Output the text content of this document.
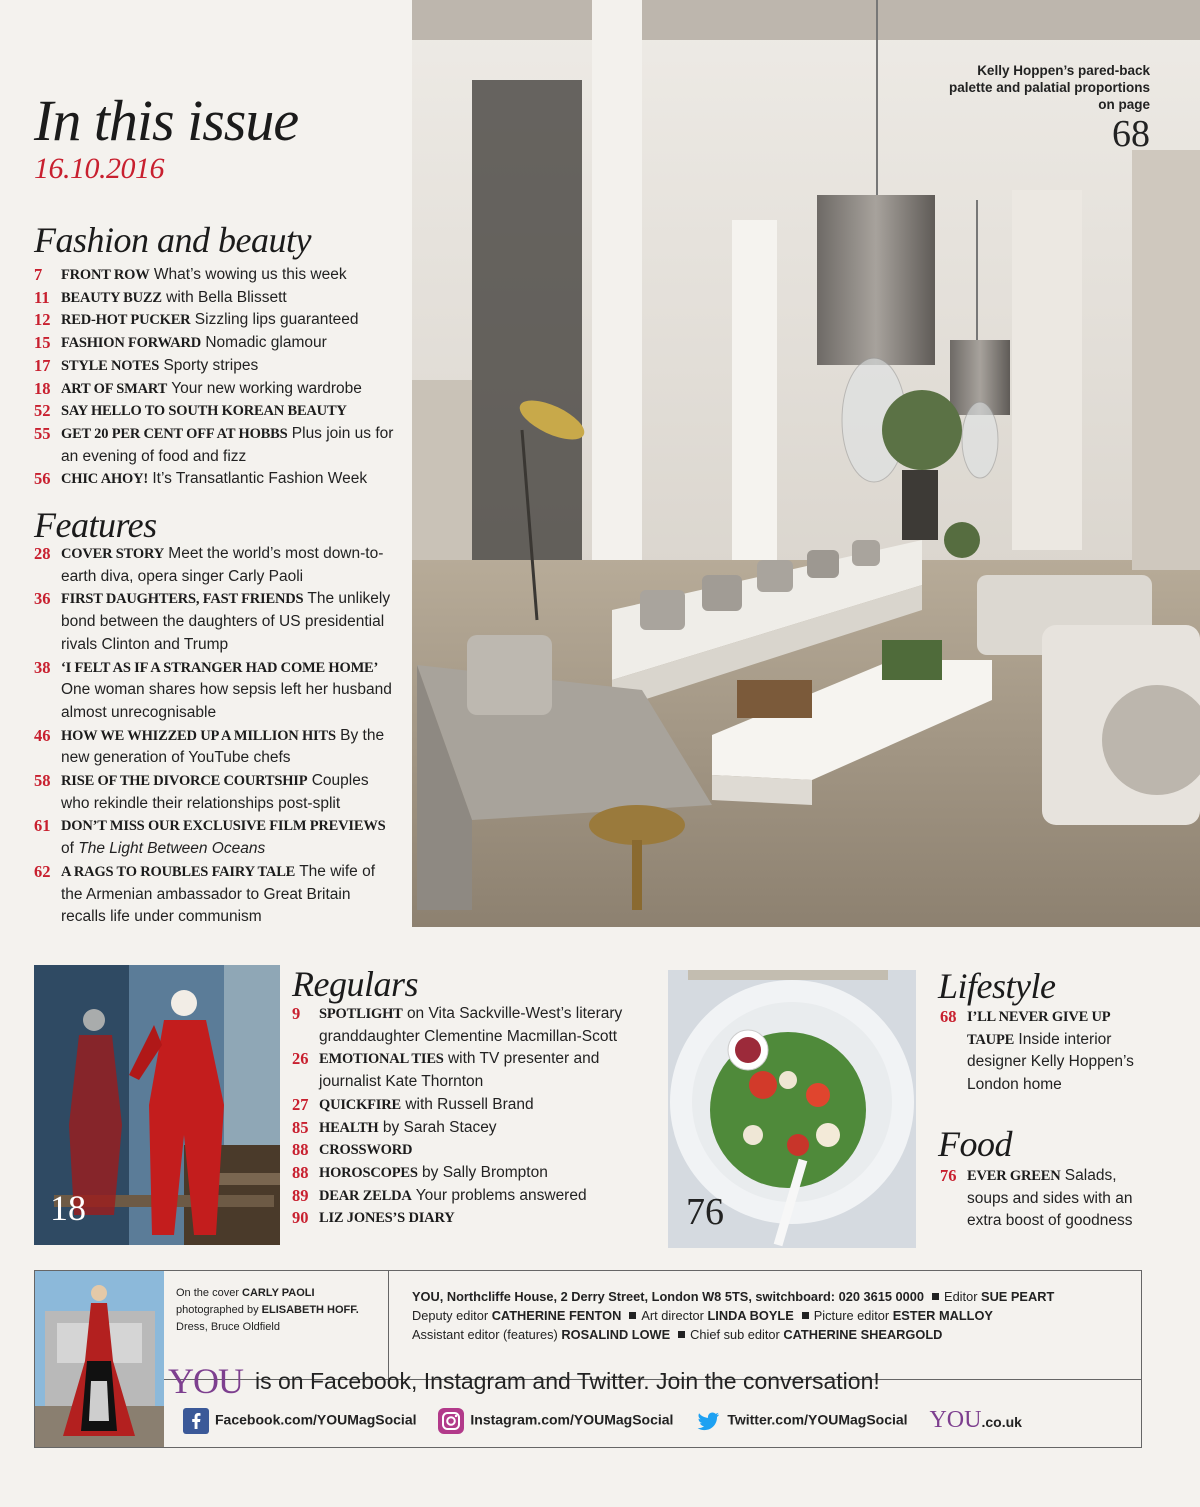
In this issue
16.10.2016
Fashion and beauty
7 FRONT ROW What’s wowing us this week
11 BEAUTY BUZZ with Bella Blissett
12 RED-HOT PUCKER Sizzling lips guaranteed
15 FASHION FORWARD Nomadic glamour
17 STYLE NOTES Sporty stripes
18 ART OF SMART Your new working wardrobe
52 SAY HELLO TO SOUTH KOREAN BEAUTY
55 GET 20 PER CENT OFF AT HOBBS Plus join us for an evening of food and fizz
56 CHIC AHOY! It’s Transatlantic Fashion Week
Features
28 COVER STORY Meet the world’s most down-to-earth diva, opera singer Carly Paoli
36 FIRST DAUGHTERS, FAST FRIENDS The unlikely bond between the daughters of US presidential rivals Clinton and Trump
38 ‘I FELT AS IF A STRANGER HAD COME HOME’ One woman shares how sepsis left her husband almost unrecognisable
46 HOW WE WHIZZED UP A MILLION HITS By the new generation of YouTube chefs
58 RISE OF THE DIVORCE COURTSHIP Couples who rekindle their relationships post-split
61 DON’T MISS OUR EXCLUSIVE FILM PREVIEWS of The Light Between Oceans
62 A RAGS TO ROUBLES FAIRY TALE The wife of the Armenian ambassador to Great Britain recalls life under communism
Kelly Hoppen’s pared-back palette and palatial proportions on page
68
18
Regulars
9 SPOTLIGHT on Vita Sackville-West’s literary granddaughter Clementine Macmillan-Scott
26 EMOTIONAL TIES with TV presenter and journalist Kate Thornton
27 QUICKFIRE with Russell Brand
85 HEALTH by Sarah Stacey
88 CROSSWORD
88 HOROSCOPES by Sally Brompton
89 DEAR ZELDA Your problems answered
90 LIZ JONES’S DIARY	76
Lifestyle
68 I’LL NEVER GIVE UP TAUPE Inside interior designer Kelly Hoppen’s London home
Food
76 EVER GREEN Salads, soups and sides with an extra boost of goodness
On the cover CARLY PAOLI
photographed by ELISABETH HOFF.
Dress, Bruce Oldfield
YOU, Northcliffe House, 2 Derry Street, London W8 5TS, switchboard: 020 3615 0000 Editor SUE PEART
Deputy editor CATHERINE FENTON Art director LINDA BOYLE Picture editor ESTER MALLOY
Assistant editor (features) ROSALIND LOWE Chief sub editor CATHERINE SHEARGOLD
YOU is on Facebook, Instagram and Twitter. Join the conversation!
Facebook.com/YOUMagSocial	Instagram.com/YOUMagSocial	Twitter.com/YOUMagSocial YOU.co.uk
